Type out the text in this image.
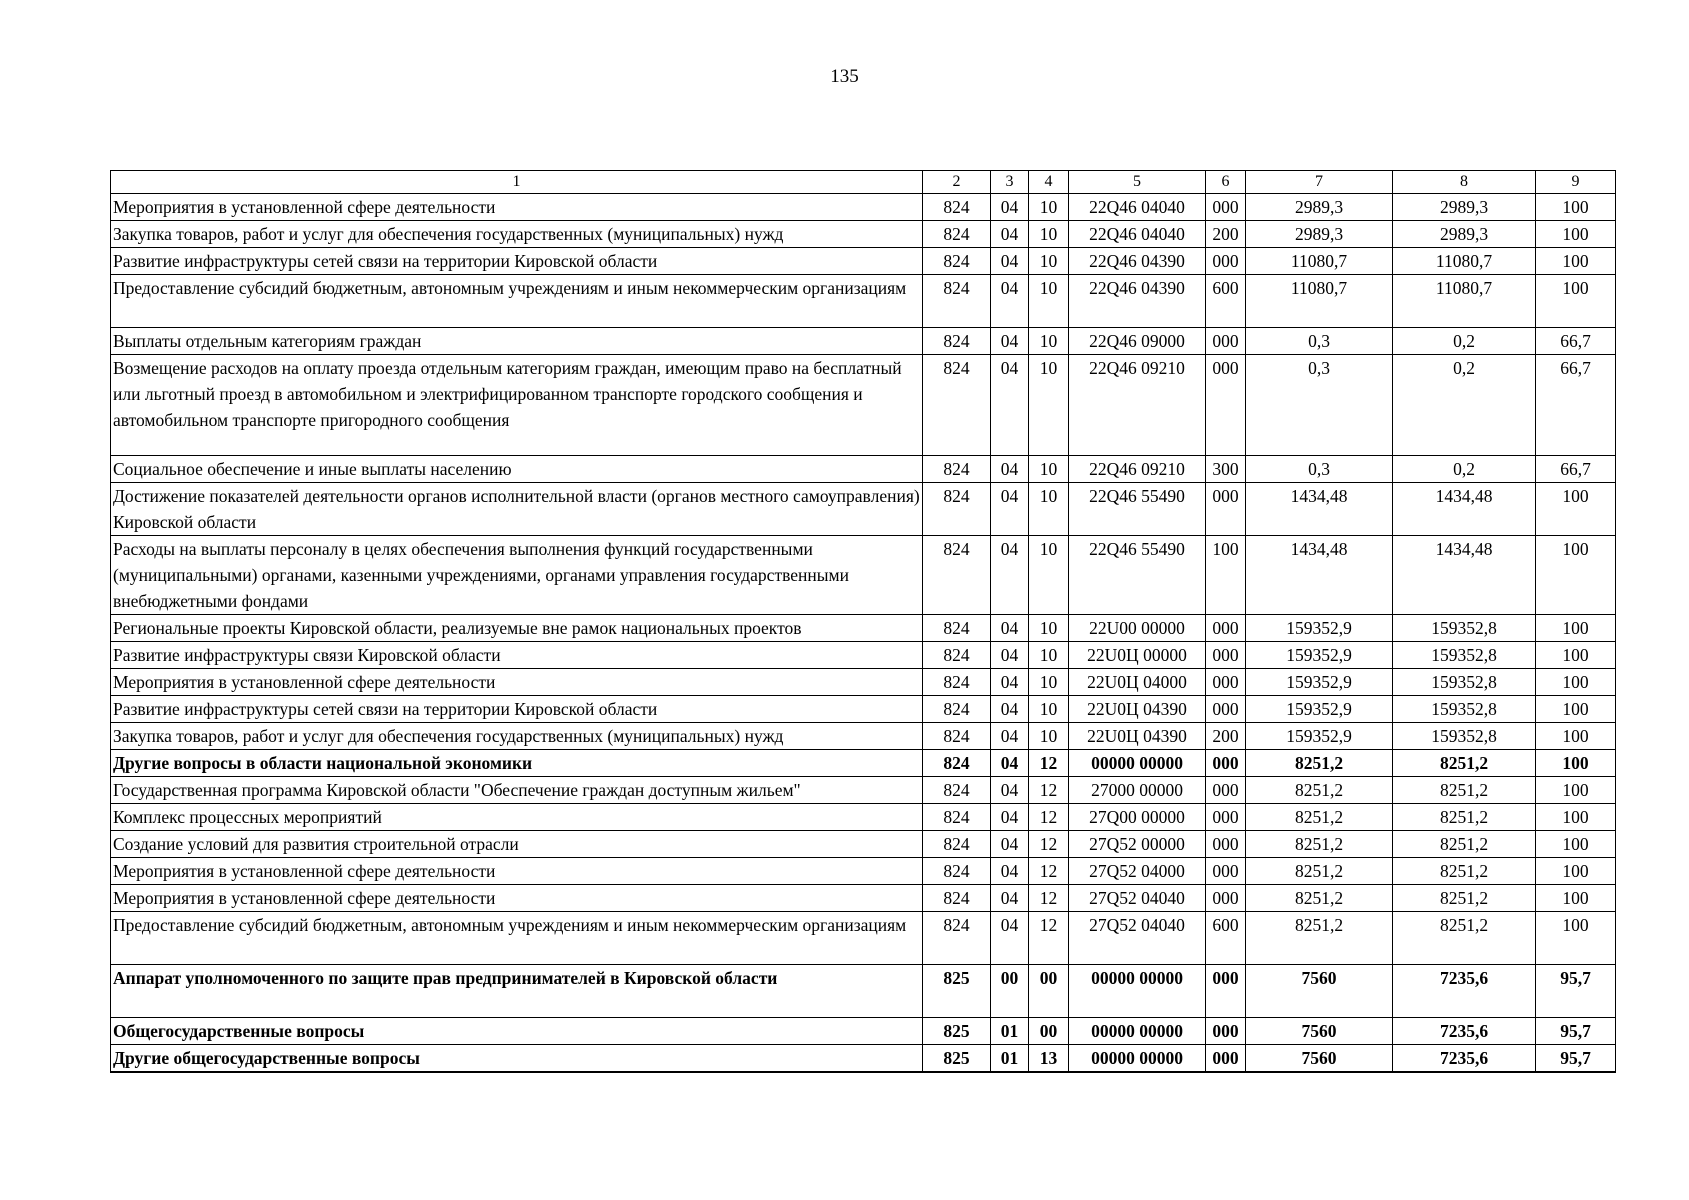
135
1	2	3	4	5	6	7	8	9
Мероприятия в установленной сфере деятельности	824	04	10	22Q46 04040	000	2989,3	2989,3	100
Закупка товаров, работ и услуг для обеспечения государственных (муниципальных) нужд	824	04	10	22Q46 04040	200	2989,3	2989,3	100
Развитие инфраструктуры сетей связи на территории Кировской области	824	04	10	22Q46 04390	000	11080,7	11080,7	100
Предоставление субсидий бюджетным, автономным учреждениям и иным некоммерческим организациям	824	04	10	22Q46 04390	600	11080,7	11080,7	100
Выплаты отдельным категориям граждан	824	04	10	22Q46 09000	000	0,3	0,2	66,7
Возмещение расходов на оплату проезда отдельным категориям граждан, имеющим право на бесплатный или льготный проезд в автомобильном и электрифицированном транспорте городского сообщения и автомобильном транспорте пригородного сообщения	824	04	10	22Q46 09210	000	0,3	0,2	66,7
Социальное обеспечение и иные выплаты населению	824	04	10	22Q46 09210	300	0,3	0,2	66,7
Достижение показателей деятельности органов исполнительной власти (органов местного самоуправления) Кировской области	824	04	10	22Q46 55490	000	1434,48	1434,48	100
Расходы на выплаты персоналу в целях обеспечения выполнения функций государственными (муниципальными) органами, казенными учреждениями, органами управления государственными внебюджетными фондами	824	04	10	22Q46 55490	100	1434,48	1434,48	100
Региональные проекты Кировской области, реализуемые вне рамок национальных проектов	824	04	10	22U00 00000	000	159352,9	159352,8	100
Развитие инфраструктуры связи Кировской области	824	04	10	22U0Ц 00000	000	159352,9	159352,8	100
Мероприятия в установленной сфере деятельности	824	04	10	22U0Ц 04000	000	159352,9	159352,8	100
Развитие инфраструктуры сетей связи на территории Кировской области	824	04	10	22U0Ц 04390	000	159352,9	159352,8	100
Закупка товаров, работ и услуг для обеспечения государственных (муниципальных) нужд	824	04	10	22U0Ц 04390	200	159352,9	159352,8	100
Другие вопросы в области национальной экономики	824	04	12	00000 00000	000	8251,2	8251,2	100
Государственная программа Кировской области "Обеспечение граждан доступным жильем"	824	04	12	27000 00000	000	8251,2	8251,2	100
Комплекс процессных мероприятий	824	04	12	27Q00 00000	000	8251,2	8251,2	100
Создание условий для развития строительной отрасли	824	04	12	27Q52 00000	000	8251,2	8251,2	100
Мероприятия в установленной сфере деятельности	824	04	12	27Q52 04000	000	8251,2	8251,2	100
Мероприятия в установленной сфере деятельности	824	04	12	27Q52 04040	000	8251,2	8251,2	100
Предоставление субсидий бюджетным, автономным учреждениям и иным некоммерческим организациям	824	04	12	27Q52 04040	600	8251,2	8251,2	100
Аппарат уполномоченного по защите прав предпринимателей в Кировской области	825	00	00	00000 00000	000	7560	7235,6	95,7
Общегосударственные вопросы	825	01	00	00000 00000	000	7560	7235,6	95,7
Другие общегосударственные вопросы	825	01	13	00000 00000	000	7560	7235,6	95,7
